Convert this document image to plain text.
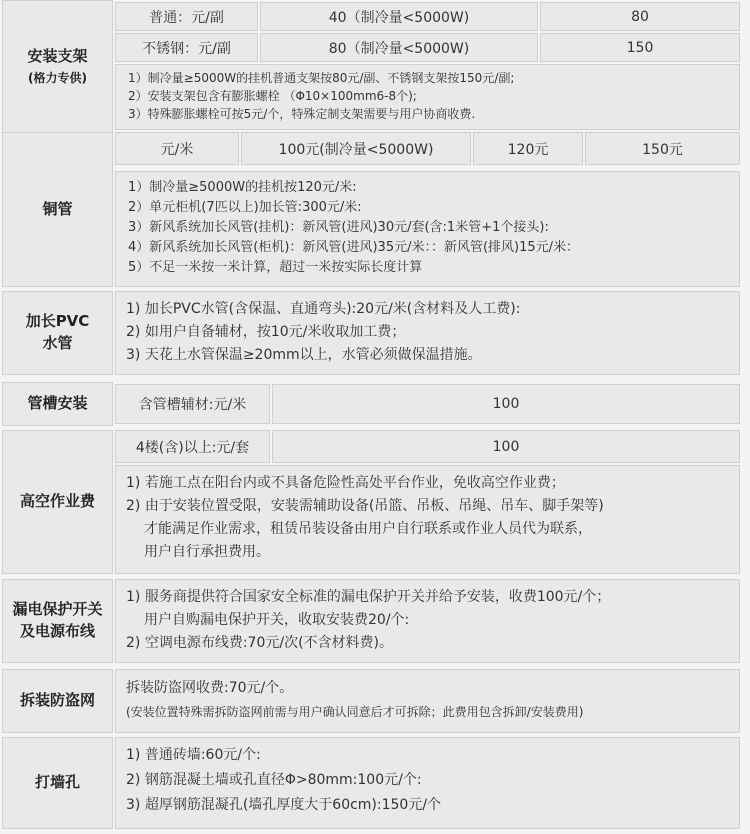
安装支架
(格力专供)
普通：元/副	40（制冷量<5000W)	80
不锈钢：元/副	80（制冷量<5000W)	150
1）制冷量≥5000W的挂机普通支架按80元/副、不锈钢支架按150元/副;
2）安装支架包含有膨胀螺栓 （Φ10×100mm6-8个);
3）特殊膨胀螺栓可按5元/个，特殊定制支架需要与用户协商收费.
铜管
元/米	100元(制冷量<5000W)	120元	150元
1）制冷量≥5000W的挂机按120元/米:
2）单元柜机(7匹以上)加长管:300元/米:
3）新风系统加长风管(挂机)：新风管(进风)30元/套(含:1米管+1个接头):
4）新风系统加长风管(柜机)：新风管(进风)35元/米：：新风管(排风)15元/米：
5）不足一米按一米计算，超过一米按实际长度计算
加长PVC
水管
1) 加长PVC水管(含保温、直通弯头):20元/米(含材料及人工费):
2) 如用户自备辅材，按10元/米收取加工费；
3) 天花上水管保温≥20mm以上，水管必须做保温措施。
管槽安装	含管槽辅材:元/米	100
高空作业费
4楼(含)以上:元/套	100
1) 若施工点在阳台内或不具备危险性高处平台作业，免收高空作业费；
2) 由于安装位置受限，安装需辅助设备(吊篮、吊板、吊绳、吊车、脚手架等)
才能满足作业需求，租赁吊装设备由用户自行联系或作业人员代为联系，
用户自行承担费用。
漏电保护开关
及电源布线
1) 服务商提供符合国家安全标准的漏电保护开关并给予安装，收费100元/个；
用户自购漏电保护开关，收取安装费20/个:
2) 空调电源布线费:70元/次(不含材料费)。
拆装防盗网
拆装防盗网收费:70元/个。
(安装位置特殊需拆防盗网前需与用户确认同意后才可拆除；此费用包含拆卸/安装费用)
打墙孔
1) 普通砖墙:60元/个:
2) 钢筋混凝土墙或孔直径Φ>80mm:100元/个:
3) 超厚钢筋混凝孔(墙孔厚度大于60cm):150元/个
